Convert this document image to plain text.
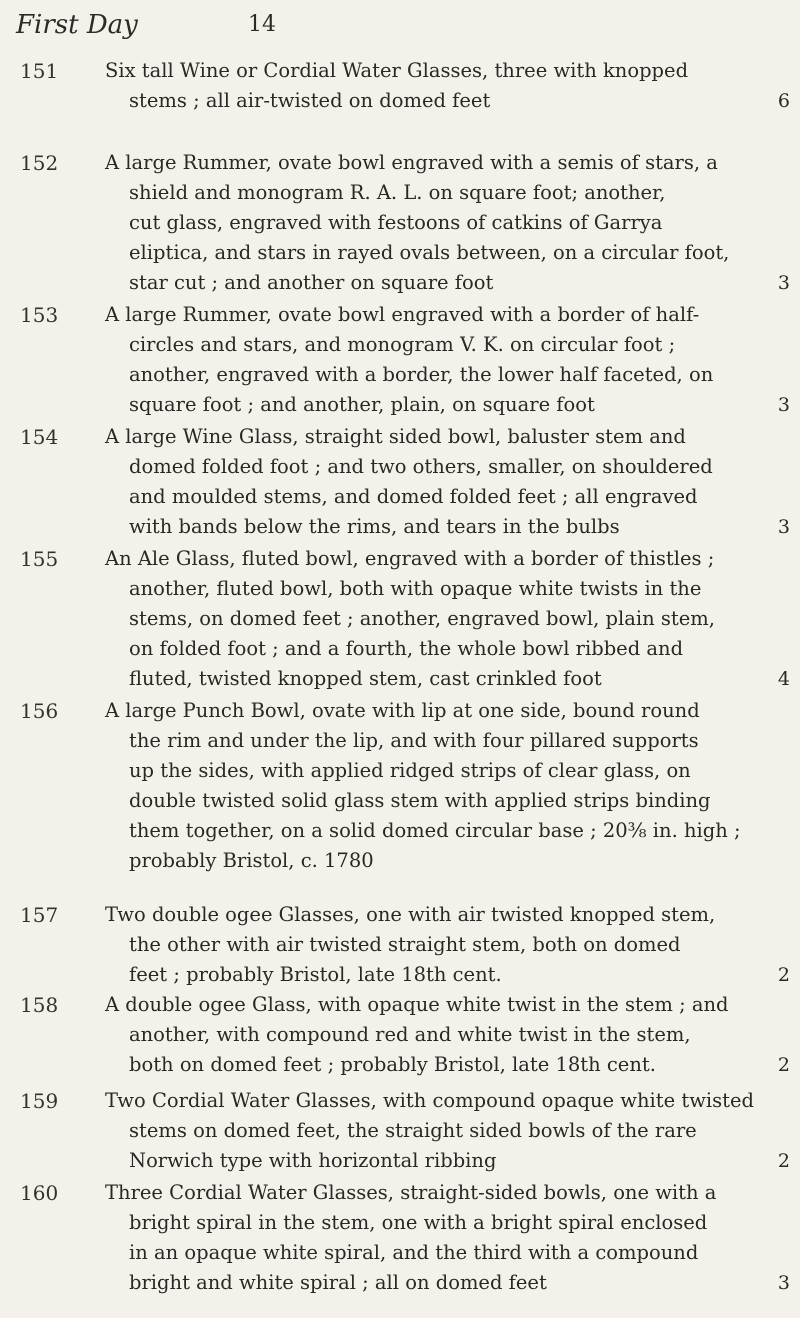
First Day	14
151	Six tall Wine or Cordial Water Glasses, three with knopped
stems ; all air-twisted on domed feet	6
152	A large Rummer, ovate bowl engraved with a semis of stars, a
shield and monogram R. A. L. on square foot; another,
cut glass, engraved with festoons of catkins of Garrya
eliptica, and stars in rayed ovals between, on a circular foot,
star cut ; and another on square foot	3
153	A large Rummer, ovate bowl engraved with a border of half-
circles and stars, and monogram V. K. on circular foot ;
another, engraved with a border, the lower half faceted, on
square foot ; and another, plain, on square foot	3
154	A large Wine Glass, straight sided bowl, baluster stem and
domed folded foot ; and two others, smaller, on shouldered
and moulded stems, and domed folded feet ; all engraved
with bands below the rims, and tears in the bulbs	3
155	An Ale Glass, fluted bowl, engraved with a border of thistles ;
another, fluted bowl, both with opaque white twists in the
stems, on domed feet ; another, engraved bowl, plain stem,
on folded foot ; and a fourth, the whole bowl ribbed and
fluted, twisted knopped stem, cast crinkled foot	4
156	A large Punch Bowl, ovate with lip at one side, bound round
the rim and under the lip, and with four pillared supports
up the sides, with applied ridged strips of clear glass, on
double twisted solid glass stem with applied strips binding
them together, on a solid domed circular base ; 20⅜ in. high ;
probably Bristol, c. 1780
157	Two double ogee Glasses, one with air twisted knopped stem,
the other with air twisted straight stem, both on domed
feet ; probably Bristol, late 18th cent.	2
158	A double ogee Glass, with opaque white twist in the stem ; and
another, with compound red and white twist in the stem,
both on domed feet ; probably Bristol, late 18th cent.	2
159	Two Cordial Water Glasses, with compound opaque white twisted
stems on domed feet, the straight sided bowls of the rare
Norwich type with horizontal ribbing	2
160	Three Cordial Water Glasses, straight-sided bowls, one with a
bright spiral in the stem, one with a bright spiral enclosed
in an opaque white spiral, and the third with a compound
bright and white spiral ; all on domed feet	3
